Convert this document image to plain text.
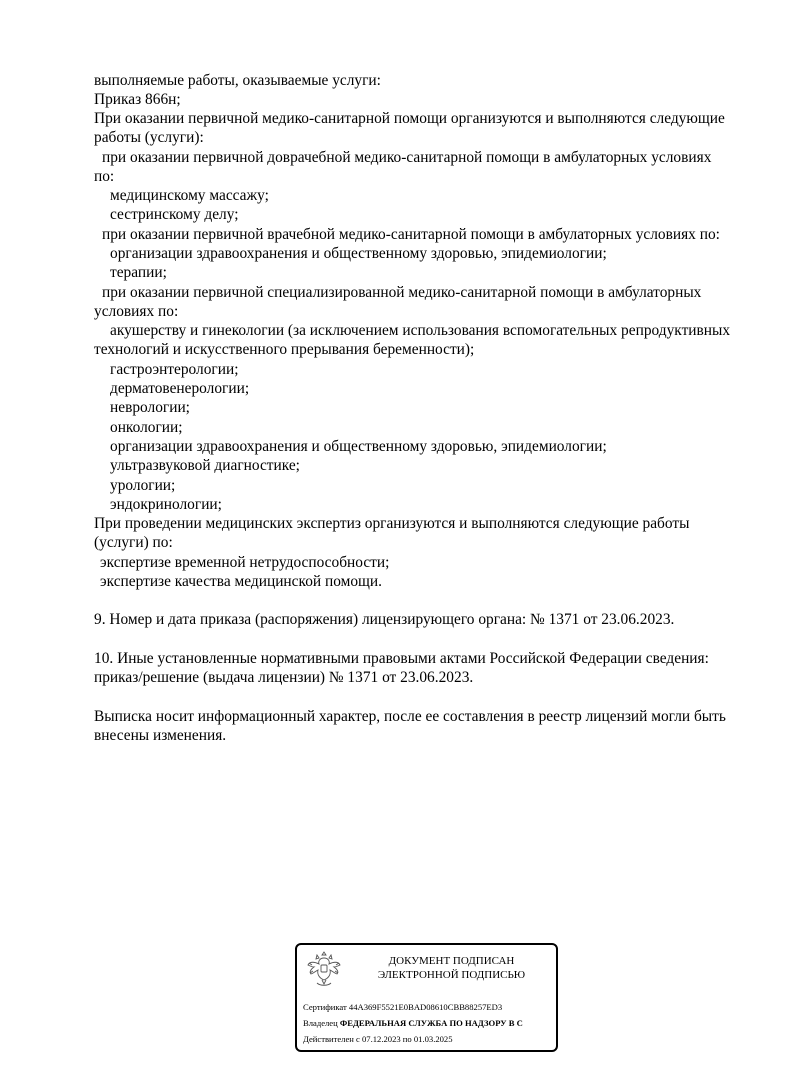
выполняемые работы, оказываемые услуги:
Приказ 866н;
При оказании первичной медико-санитарной помощи организуются и выполняются следующие
работы (услуги):
при оказании первичной доврачебной медико-санитарной помощи в амбулаторных условиях
по:
медицинскому массажу;
сестринскому делу;
при оказании первичной врачебной медико-санитарной помощи в амбулаторных условиях по:
организации здравоохранения и общественному здоровью, эпидемиологии;
терапии;
при оказании первичной специализированной медико-санитарной помощи в амбулаторных
условиях по:
акушерству и гинекологии (за исключением использования вспомогательных репродуктивных
технологий и искусственного прерывания беременности);
гастроэнтерологии;
дерматовенерологии;
неврологии;
онкологии;
организации здравоохранения и общественному здоровью, эпидемиологии;
ультразвуковой диагностике;
урологии;
эндокринологии;
При проведении медицинских экспертиз организуются и выполняются следующие работы
(услуги) по:
экспертизе временной нетрудоспособности;
экспертизе качества медицинской помощи.
9. Номер и дата приказа (распоряжения) лицензирующего органа: № 1371 от 23.06.2023.
10. Иные установленные нормативными правовыми актами Российской Федерации сведения:
приказ/решение (выдача лицензии) № 1371 от 23.06.2023.
Выписка носит информационный характер, после ее составления в реестр лицензий могли быть
внесены изменения.
ДОКУМЕНТ ПОДПИСАН
ЭЛЕКТРОННОЙ ПОДПИСЬЮ
Сертификат 44A369F5521E0BAD08610CBB88257ED3
Владелец ФЕДЕРАЛЬНАЯ СЛУЖБА ПО НАДЗОРУ В С
Действителен с 07.12.2023 по 01.03.2025
